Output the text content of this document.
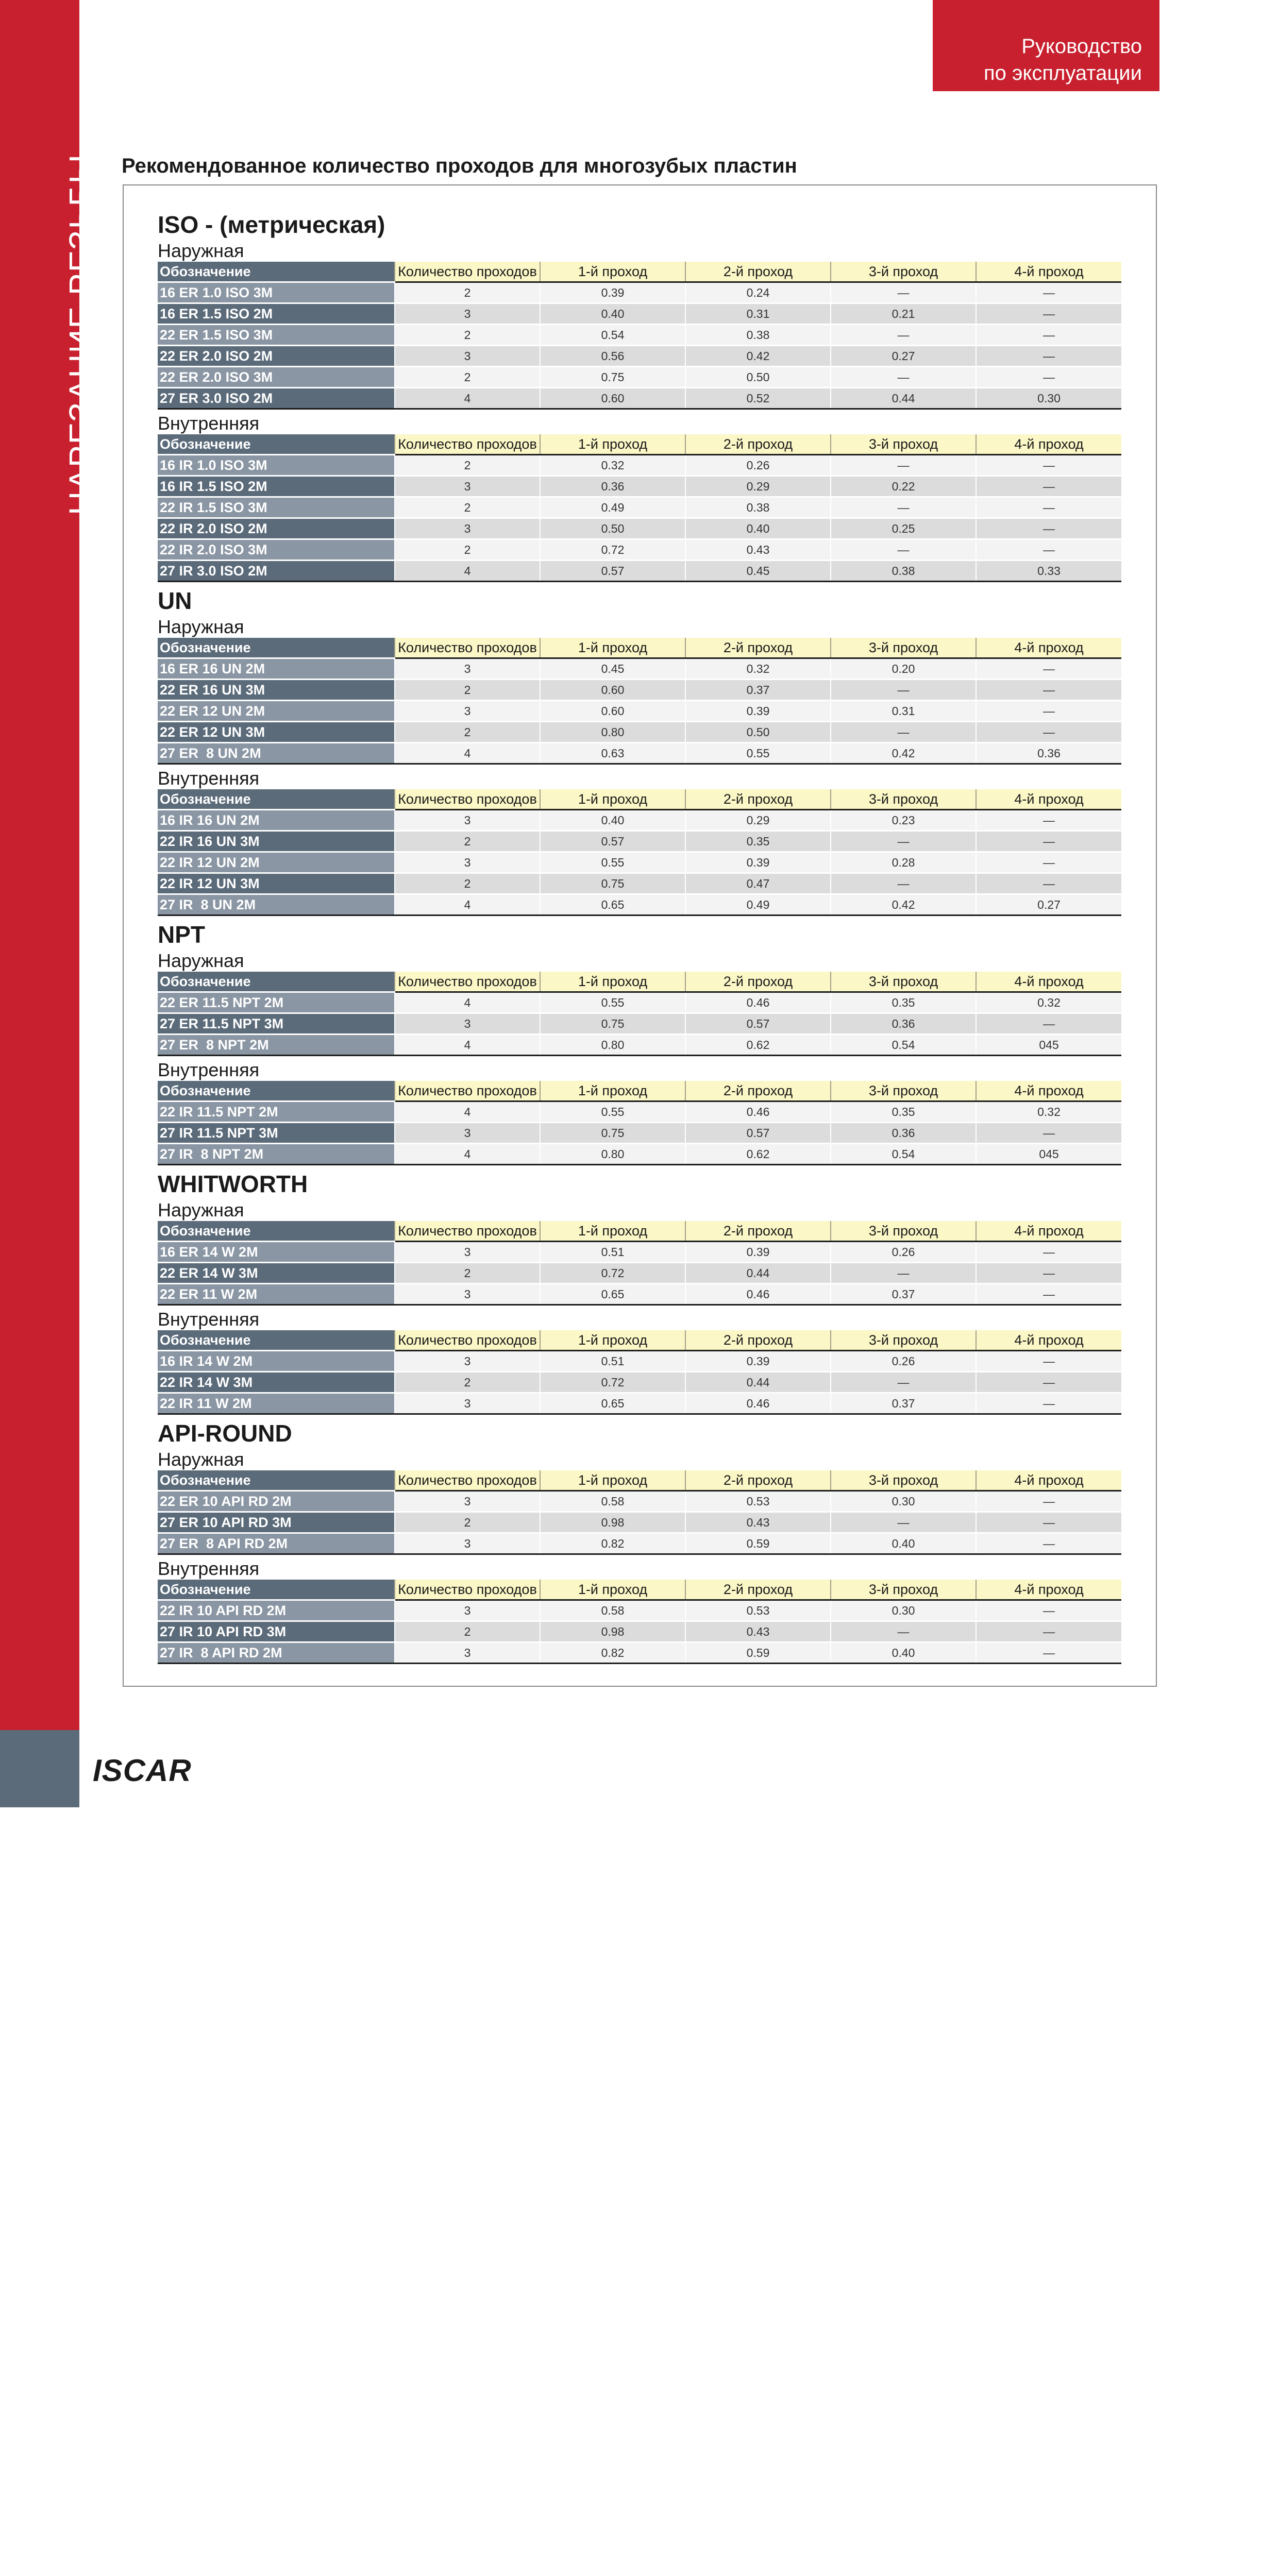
НАРЕЗАНИЕ РЕЗЬБЫ
ISCAR
Руководство
по эксплуатации
Рекомендованное количество проходов для многозубых пластин
ISO - (метрическая)
Наружная
Обозначение	Количество проходов	1-й проход	2-й проход	3-й проход	4-й проход
16 ER 1.0 ISO 3M	2	0.39	0.24	—	—
16 ER 1.5 ISO 2M	3	0.40	0.31	0.21	—
22 ER 1.5 ISO 3M	2	0.54	0.38	—	—
22 ER 2.0 ISO 2M	3	0.56	0.42	0.27	—
22 ER 2.0 ISO 3M	2	0.75	0.50	—	—
27 ER 3.0 ISO 2M	4	0.60	0.52	0.44	0.30
Внутренняя
Обозначение	Количество проходов	1-й проход	2-й проход	3-й проход	4-й проход
16 IR 1.0 ISO 3M	2	0.32	0.26	—	—
16 IR 1.5 ISO 2M	3	0.36	0.29	0.22	—
22 IR 1.5 ISO 3M	2	0.49	0.38	—	—
22 IR 2.0 ISO 2M	3	0.50	0.40	0.25	—
22 IR 2.0 ISO 3M	2	0.72	0.43	—	—
27 IR 3.0 ISO 2M	4	0.57	0.45	0.38	0.33
UN
Наружная
Обозначение	Количество проходов	1-й проход	2-й проход	3-й проход	4-й проход
16 ER 16 UN 2M	3	0.45	0.32	0.20	—
22 ER 16 UN 3M	2	0.60	0.37	—	—
22 ER 12 UN 2M	3	0.60	0.39	0.31	—
22 ER 12 UN 3M	2	0.80	0.50	—	—
27 ER  8 UN 2M	4	0.63	0.55	0.42	0.36
Внутренняя
Обозначение	Количество проходов	1-й проход	2-й проход	3-й проход	4-й проход
16 IR 16 UN 2M	3	0.40	0.29	0.23	—
22 IR 16 UN 3M	2	0.57	0.35	—	—
22 IR 12 UN 2M	3	0.55	0.39	0.28	—
22 IR 12 UN 3M	2	0.75	0.47	—	—
27 IR  8 UN 2M	4	0.65	0.49	0.42	0.27
NPT
Наружная
Обозначение	Количество проходов	1-й проход	2-й проход	3-й проход	4-й проход
22 ER 11.5 NPT 2M	4	0.55	0.46	0.35	0.32
27 ER 11.5 NPT 3M	3	0.75	0.57	0.36	—
27 ER  8 NPT 2M	4	0.80	0.62	0.54	045
Внутренняя
Обозначение	Количество проходов	1-й проход	2-й проход	3-й проход	4-й проход
22 IR 11.5 NPT 2M	4	0.55	0.46	0.35	0.32
27 IR 11.5 NPT 3M	3	0.75	0.57	0.36	—
27 IR  8 NPT 2M	4	0.80	0.62	0.54	045
WHITWORTH
Наружная
Обозначение	Количество проходов	1-й проход	2-й проход	3-й проход	4-й проход
16 ER 14 W 2M	3	0.51	0.39	0.26	—
22 ER 14 W 3M	2	0.72	0.44	—	—
22 ER 11 W 2M	3	0.65	0.46	0.37	—
Внутренняя
Обозначение	Количество проходов	1-й проход	2-й проход	3-й проход	4-й проход
16 IR 14 W 2M	3	0.51	0.39	0.26	—
22 IR 14 W 3M	2	0.72	0.44	—	—
22 IR 11 W 2M	3	0.65	0.46	0.37	—
API-ROUND
Наружная
Обозначение	Количество проходов	1-й проход	2-й проход	3-й проход	4-й проход
22 ER 10 API RD 2M	3	0.58	0.53	0.30	—
27 ER 10 API RD 3M	2	0.98	0.43	—	—
27 ER  8 API RD 2M	3	0.82	0.59	0.40	—
Внутренняя
Обозначение	Количество проходов	1-й проход	2-й проход	3-й проход	4-й проход
22 IR 10 API RD 2M	3	0.58	0.53	0.30	—
27 IR 10 API RD 3M	2	0.98	0.43	—	—
27 IR  8 API RD 2M	3	0.82	0.59	0.40	—
